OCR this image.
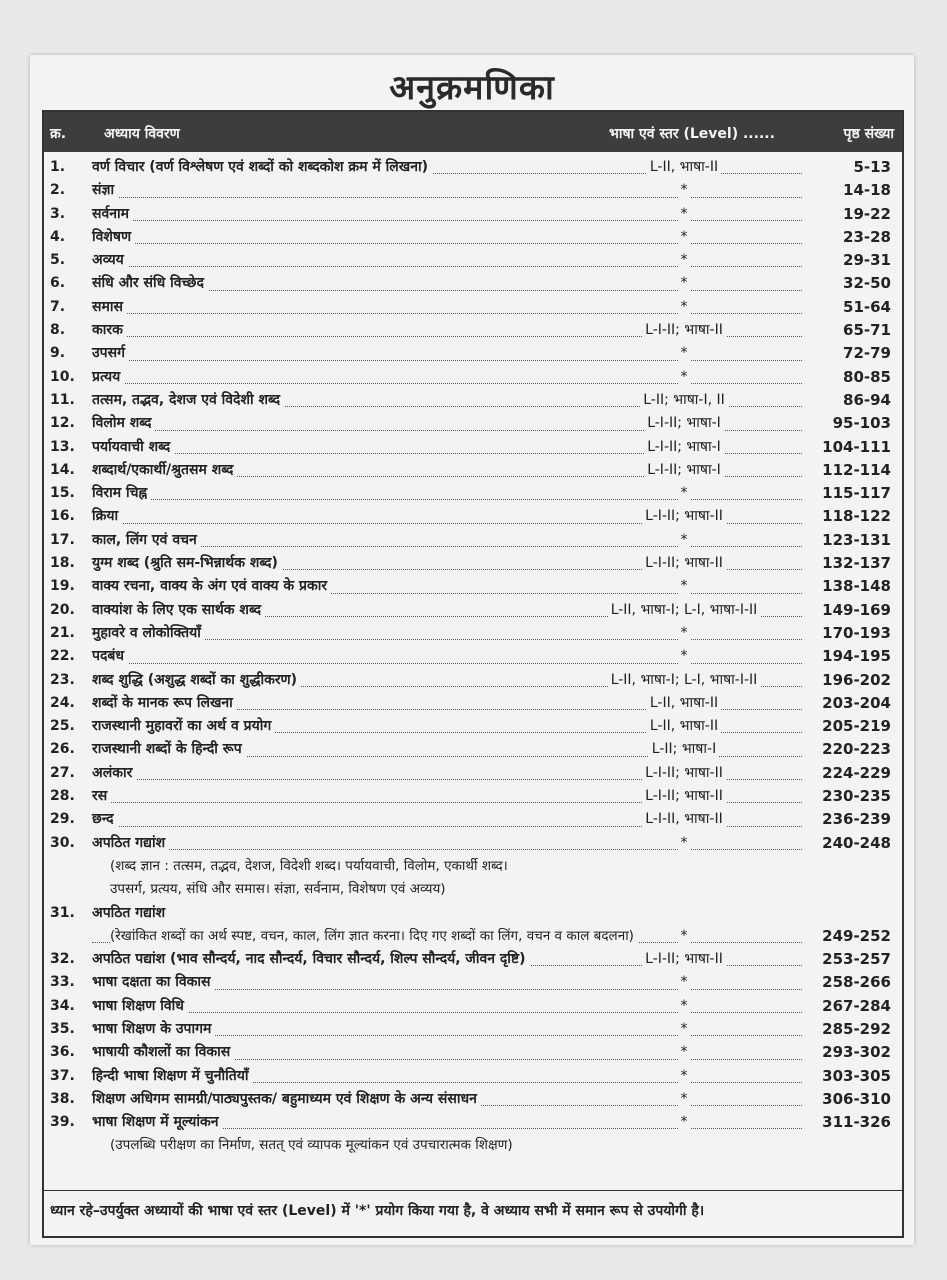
अनुक्रमणिका
क्र.	अध्याय विवरण	भाषा एवं स्तर (Level) ......	पृष्ठ संख्या
1.	वर्ण विचार (वर्ण विश्लेषण एवं शब्दों को शब्दकोश क्रम में लिखना)	L-II, भाषा-II	5-13
2.	संज्ञा	*	14-18
3.	सर्वनाम	*	19-22
4.	विशेषण	*	23-28
5.	अव्यय	*	29-31
6.	संधि और संधि विच्छेद	*	32-50
7.	समास	*	51-64
8.	कारक	L-I-II; भाषा-II	65-71
9.	उपसर्ग	*	72-79
10.	प्रत्यय	*	80-85
11.	तत्सम, तद्भव, देशज एवं विदेशी शब्द	L-II; भाषा-I, II	86-94
12.	विलोम शब्द	L-I-II; भाषा-I	95-103
13.	पर्यायवाची शब्द	L-I-II; भाषा-I	104-111
14.	शब्दार्थ/एकार्थी/श्रुतसम शब्द	L-I-II; भाषा-I	112-114
15.	विराम चिह्न	*	115-117
16.	क्रिया	L-I-II; भाषा-II	118-122
17.	काल, लिंग एवं वचन	*	123-131
18.	युग्म शब्द (श्रुति सम-भिन्नार्थक शब्द)	L-I-II; भाषा-II	132-137
19.	वाक्य रचना, वाक्य के अंग एवं वाक्य के प्रकार	*	138-148
20.	वाक्यांश के लिए एक सार्थक शब्द	L-II, भाषा-I; L-I, भाषा-I-II	149-169
21.	मुहावरे व लोकोक्तियाँ	*	170-193
22.	पदबंध	*	194-195
23.	शब्द शुद्धि (अशुद्ध शब्दों का शुद्धीकरण)	L-II, भाषा-I; L-I, भाषा-I-II	196-202
24.	शब्दों के मानक रूप लिखना	L-II, भाषा-II	203-204
25.	राजस्थानी मुहावरों का अर्थ व प्रयोग	L-II, भाषा-II	205-219
26.	राजस्थानी शब्दों के हिन्दी रूप	L-II; भाषा-I	220-223
27.	अलंकार	L-I-II; भाषा-II	224-229
28.	रस	L-I-II; भाषा-II	230-235
29.	छन्द	L-I-II, भाषा-II	236-239
30.	अपठित गद्यांश	*	240-248
(शब्द ज्ञान : तत्सम, तद्भव, देशज, विदेशी शब्द। पर्यायवाची, विलोम, एकार्थी शब्द।
उपसर्ग, प्रत्यय, संधि और समास। संज्ञा, सर्वनाम, विशेषण एवं अव्यय)
31.	अपठित गद्यांश
(रेखांकित शब्दों का अर्थ स्पष्ट, वचन, काल, लिंग ज्ञात करना। दिए गए शब्दों का लिंग, वचन व काल बदलना)	*	249-252
32.	अपठित पद्यांश (भाव सौन्दर्य, नाद सौन्दर्य, विचार सौन्दर्य, शिल्प सौन्दर्य, जीवन दृष्टि)	L-I-II; भाषा-II	253-257
33.	भाषा दक्षता का विकास	*	258-266
34.	भाषा शिक्षण विधि	*	267-284
35.	भाषा शिक्षण के उपागम	*	285-292
36.	भाषायी कौशलों का विकास	*	293-302
37.	हिन्दी भाषा शिक्षण में चुनौतियाँ	*	303-305
38.	शिक्षण अधिगम सामग्री/पाठ्यपुस्तक/ बहुमाध्यम एवं शिक्षण के अन्य संसाधन	*	306-310
39.	भाषा शिक्षण में मूल्यांकन	*	311-326
(उपलब्धि परीक्षण का निर्माण, सतत् एवं व्यापक मूल्यांकन एवं उपचारात्मक शिक्षण)
ध्यान रहे–उपर्युक्त अध्यायों की भाषा एवं स्तर (Level) में '*' प्रयोग किया गया है, वे अध्याय सभी में समान रूप से उपयोगी है।
